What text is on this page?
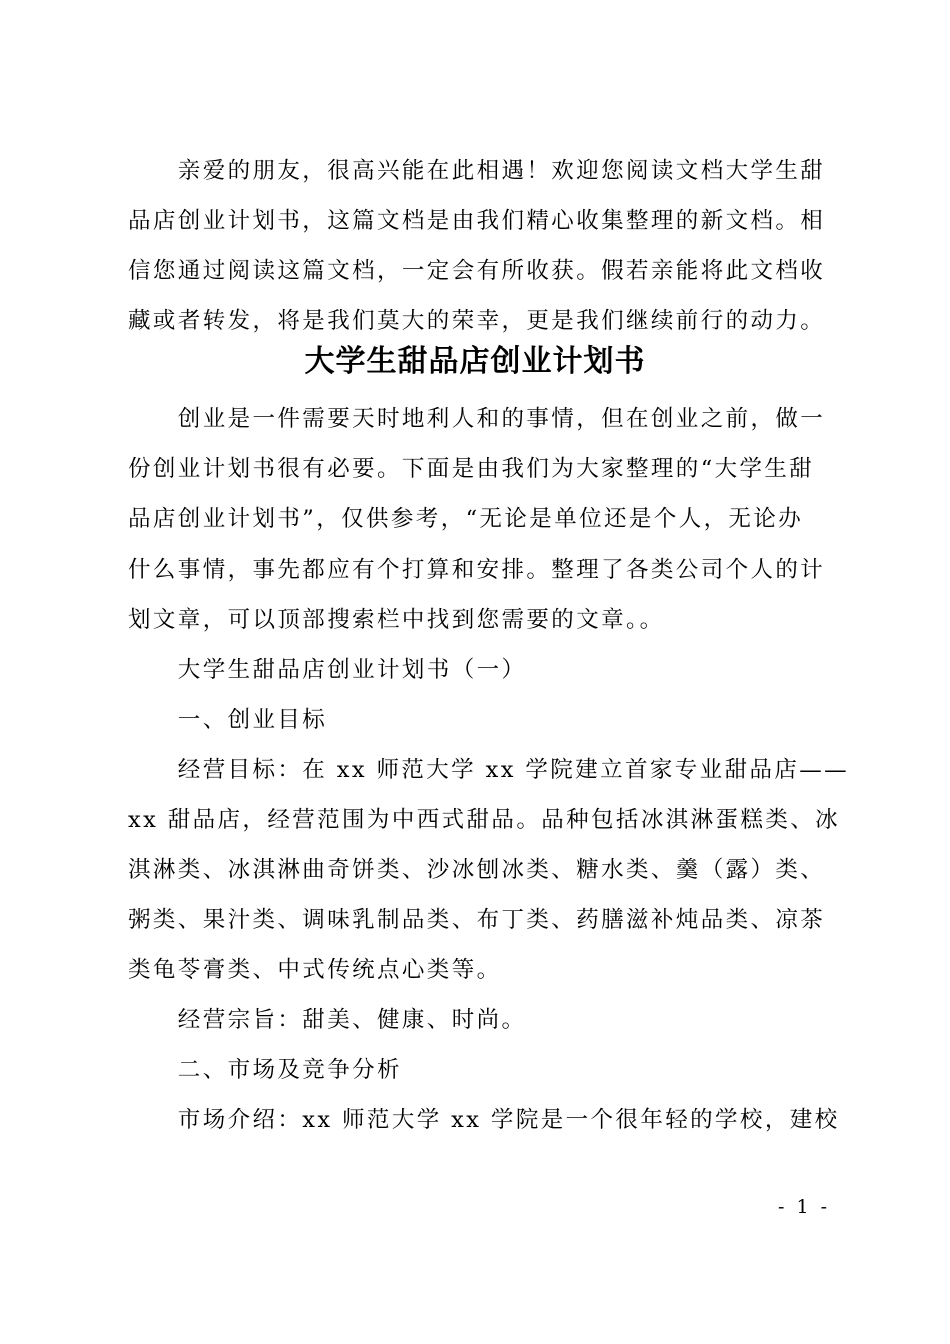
　　亲爱的朋友，很高兴能在此相遇！欢迎您阅读文档大学生甜
品店创业计划书，这篇文档是由我们精心收集整理的新文档。相
信您通过阅读这篇文档，一定会有所收获。假若亲能将此文档收
藏或者转发，将是我们莫大的荣幸，更是我们继续前行的动力。
大学生甜品店创业计划书
　　创业是一件需要天时地利人和的事情，但在创业之前，做一
份创业计划书很有必要。下面是由我们为大家整理的“大学生甜
品店创业计划书”，仅供参考，“无论是单位还是个人，无论办
什么事情，事先都应有个打算和安排。整理了各类公司个人的计
划文章，可以顶部搜索栏中找到您需要的文章。。
　　大学生甜品店创业计划书（一）
　　一、创业目标
　　经营目标：在 xx 师范大学 xx 学院建立首家专业甜品店——
xx 甜品店，经营范围为中西式甜品。品种包括冰淇淋蛋糕类、冰
淇淋类、冰淇淋曲奇饼类、沙冰刨冰类、糖水类、羹（露）类、
粥类、果汁类、调味乳制品类、布丁类、药膳滋补炖品类、凉茶
类龟苓膏类、中式传统点心类等。
　　经营宗旨：甜美、健康、时尚。
　　二、市场及竞争分析
　　市场介绍：xx 师范大学 xx 学院是一个很年轻的学校，建校
- 1 -
